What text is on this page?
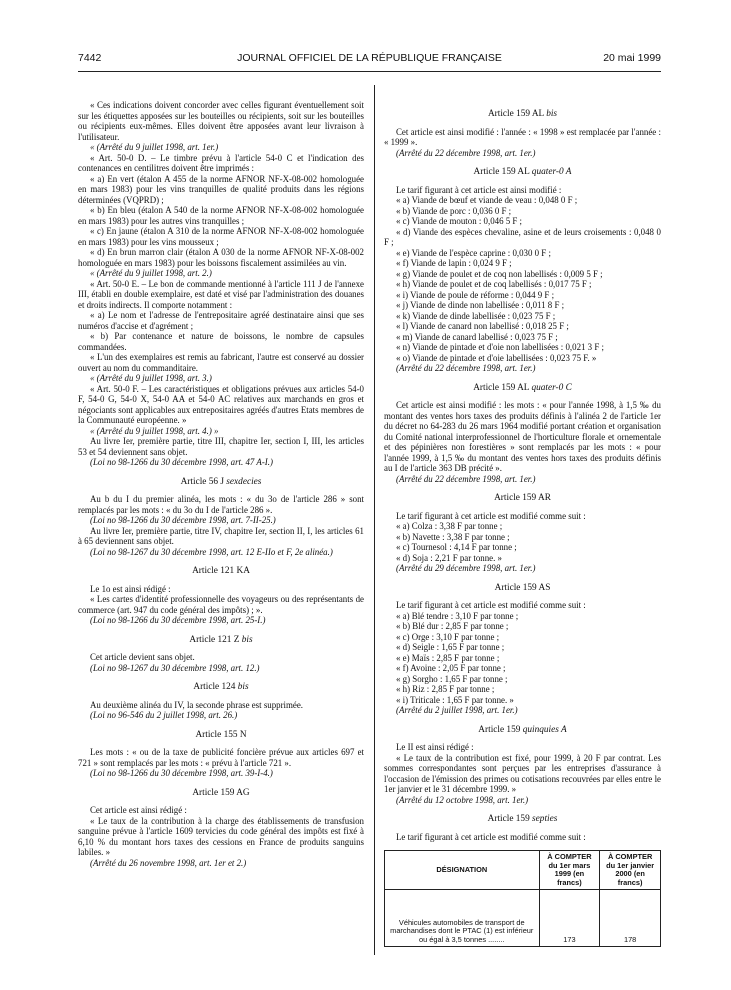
7442	JOURNAL OFFICIEL DE LA RÉPUBLIQUE FRANÇAISE	20 mai 1999

« Ces indications doivent concorder avec celles figurant éventuellement soit sur les étiquettes apposées sur les bouteilles ou récipients, soit sur les bouteilles ou récipients eux-mêmes. Elles doivent être apposées avant leur livraison à l'utilisateur.

« (Arrêté du 9 juillet 1998, art. 1er.)

« Art. 50-0 D. – Le timbre prévu à l'article 54-0 C et l'indication des contenances en centilitres doivent être imprimés :

« a) En vert (étalon A 455 de la norme AFNOR NF-X-08-002 homologuée en mars 1983) pour les vins tranquilles de qualité produits dans les régions déterminées (VQPRD) ;

« b) En bleu (étalon A 540 de la norme AFNOR NF-X-08-002 homologuée en mars 1983) pour les autres vins tranquilles ;

« c) En jaune (étalon A 310 de la norme AFNOR NF-X-08-002 homologuée en mars 1983) pour les vins mousseux ;

« d) En brun marron clair (étalon A 030 de la norme AFNOR NF-X-08-002 homologuée en mars 1983) pour les boissons fiscalement assimilées au vin.

« (Arrêté du 9 juillet 1998, art. 2.)

« Art. 50-0 E. – Le bon de commande mentionné à l'article 111 J de l'annexe III, établi en double exemplaire, est daté et visé par l'administration des douanes et droits indirects. Il comporte notamment :

« a) Le nom et l'adresse de l'entrepositaire agréé destinataire ainsi que ses numéros d'accise et d'agrément ;

« b) Par contenance et nature de boissons, le nombre de capsules commandées.

« L'un des exemplaires est remis au fabricant, l'autre est conservé au dossier ouvert au nom du commanditaire.

« (Arrêté du 9 juillet 1998, art. 3.)

« Art. 50-0 F. – Les caractéristiques et obligations prévues aux articles 54-0 F, 54-0 G, 54-0 X, 54-0 AA et 54-0 AC relatives aux marchands en gros et négociants sont applicables aux entrepositaires agréés d'autres Etats membres de la Communauté européenne. »

« (Arrêté du 9 juillet 1998, art. 4.) »

Au livre Ier, première partie, titre III, chapitre Ier, section I, III, les articles 53 et 54 deviennent sans objet.

(Loi no 98-1266 du 30 décembre 1998, art. 47 A-I.)

Article 56 J sexdecies

Au b du I du premier alinéa, les mots : « du 3o de l'article 286 » sont remplacés par les mots : « du 3o du I de l'article 286 ».

(Loi no 98-1266 du 30 décembre 1998, art. 7-II-25.)

Au livre Ier, première partie, titre IV, chapitre Ier, section II, I, les articles 61 à 65 deviennent sans objet.

(Loi no 98-1267 du 30 décembre 1998, art. 12 E-IIo et F, 2e alinéa.)

Article 121 KA

Le 1o est ainsi rédigé :

« Les cartes d'identité professionnelle des voyageurs ou des représentants de commerce (art. 947 du code général des impôts) ; ».

(Loi no 98-1266 du 30 décembre 1998, art. 25-I.)

Article 121 Z bis

Cet article devient sans objet.

(Loi no 98-1267 du 30 décembre 1998, art. 12.)

Article 124 bis

Au deuxième alinéa du IV, la seconde phrase est supprimée.

(Loi no 96-546 du 2 juillet 1998, art. 26.)

Article 155 N

Les mots : « ou de la taxe de publicité foncière prévue aux articles 697 et 721 » sont remplacés par les mots : « prévu à l'article 721 ».

(Loi no 98-1266 du 30 décembre 1998, art. 39-I-4.)

Article 159 AG

Cet article est ainsi rédigé :

« Le taux de la contribution à la charge des établissements de transfusion sanguine prévue à l'article 1609 tervicies du code général des impôts est fixé à 6,10 % du montant hors taxes des cessions en France de produits sanguins labiles. »

(Arrêté du 26 novembre 1998, art. 1er et 2.)

Article 159 AL bis

Cet article est ainsi modifié : l'année : « 1998 » est remplacée par l'année : « 1999 ».

(Arrêté du 22 décembre 1998, art. 1er.)

Article 159 AL quater-0 A

Le tarif figurant à cet article est ainsi modifié :

« a) Viande de bœuf et viande de veau : 0,048 0 F ;

« b) Viande de porc : 0,036 0 F ;

« c) Viande de mouton : 0,046 5 F ;

« d) Viande des espèces chevaline, asine et de leurs croisements : 0,048 0 F ;

« e) Viande de l'espèce caprine : 0,030 0 F ;

« f) Viande de lapin : 0,024 9 F ;

« g) Viande de poulet et de coq non labellisés : 0,009 5 F ;

« h) Viande de poulet et de coq labellisés : 0,017 75 F ;

« i) Viande de poule de réforme : 0,044 9 F ;

« j) Viande de dinde non labellisée : 0,011 8 F ;

« k) Viande de dinde labellisée : 0,023 75 F ;

« l) Viande de canard non labellisé : 0,018 25 F ;

« m) Viande de canard labellisé : 0,023 75 F ;

« n) Viande de pintade et d'oie non labellisées : 0,021 3 F ;

« o) Viande de pintade et d'oie labellisées : 0,023 75 F. »

(Arrêté du 22 décembre 1998, art. 1er.)

Article 159 AL quater-0 C

Cet article est ainsi modifié : les mots : « pour l'année 1998, à 1,5 ‰ du montant des ventes hors taxes des produits définis à l'alinéa 2 de l'article 1er du décret no 64-283 du 26 mars 1964 modifié portant création et organisation du Comité national interprofessionnel de l'horticulture florale et ornementale et des pépinières non forestières » sont remplacés par les mots : « pour l'année 1999, à 1,5 ‰ du montant des ventes hors taxes des produits définis au I de l'article 363 DB précité ».

(Arrêté du 22 décembre 1998, art. 1er.)

Article 159 AR

Le tarif figurant à cet article est modifié comme suit :

« a) Colza : 3,38 F par tonne ;

« b) Navette : 3,38 F par tonne ;

« c) Tournesol : 4,14 F par tonne ;

« d) Soja : 2,21 F par tonne. »

(Arrêté du 29 décembre 1998, art. 1er.)

Article 159 AS

Le tarif figurant à cet article est modifié comme suit :

« a) Blé tendre : 3,10 F par tonne ;

« b) Blé dur : 2,85 F par tonne ;

« c) Orge : 3,10 F par tonne ;

« d) Seigle : 1,65 F par tonne ;

« e) Maïs : 2,85 F par tonne ;

« f) Avoine : 2,05 F par tonne ;

« g) Sorgho : 1,65 F par tonne ;

« h) Riz : 2,85 F par tonne ;

« i) Triticale : 1,65 F par tonne. »

(Arrêté du 2 juillet 1998, art. 1er.)

Article 159 quinquies A

Le II est ainsi rédigé :

« Le taux de la contribution est fixé, pour 1999, à 20 F par contrat. Les sommes correspondantes sont perçues par les entreprises d'assurance à l'occasion de l'émission des primes ou cotisations recouvrées par elles entre le 1er janvier et le 31 décembre 1999. »

(Arrêté du 12 octobre 1998, art. 1er.)

Article 159 septies

Le tarif figurant à cet article est modifié comme suit :

DÉSIGNATION	À COMPTER du 1er mars 1999 (en francs)	À COMPTER du 1er janvier 2000 (en francs)
Véhicules automobiles de transport de marchandises dont le PTAC (1) est inférieur ou égal à 3,5 tonnes ........	173	178
